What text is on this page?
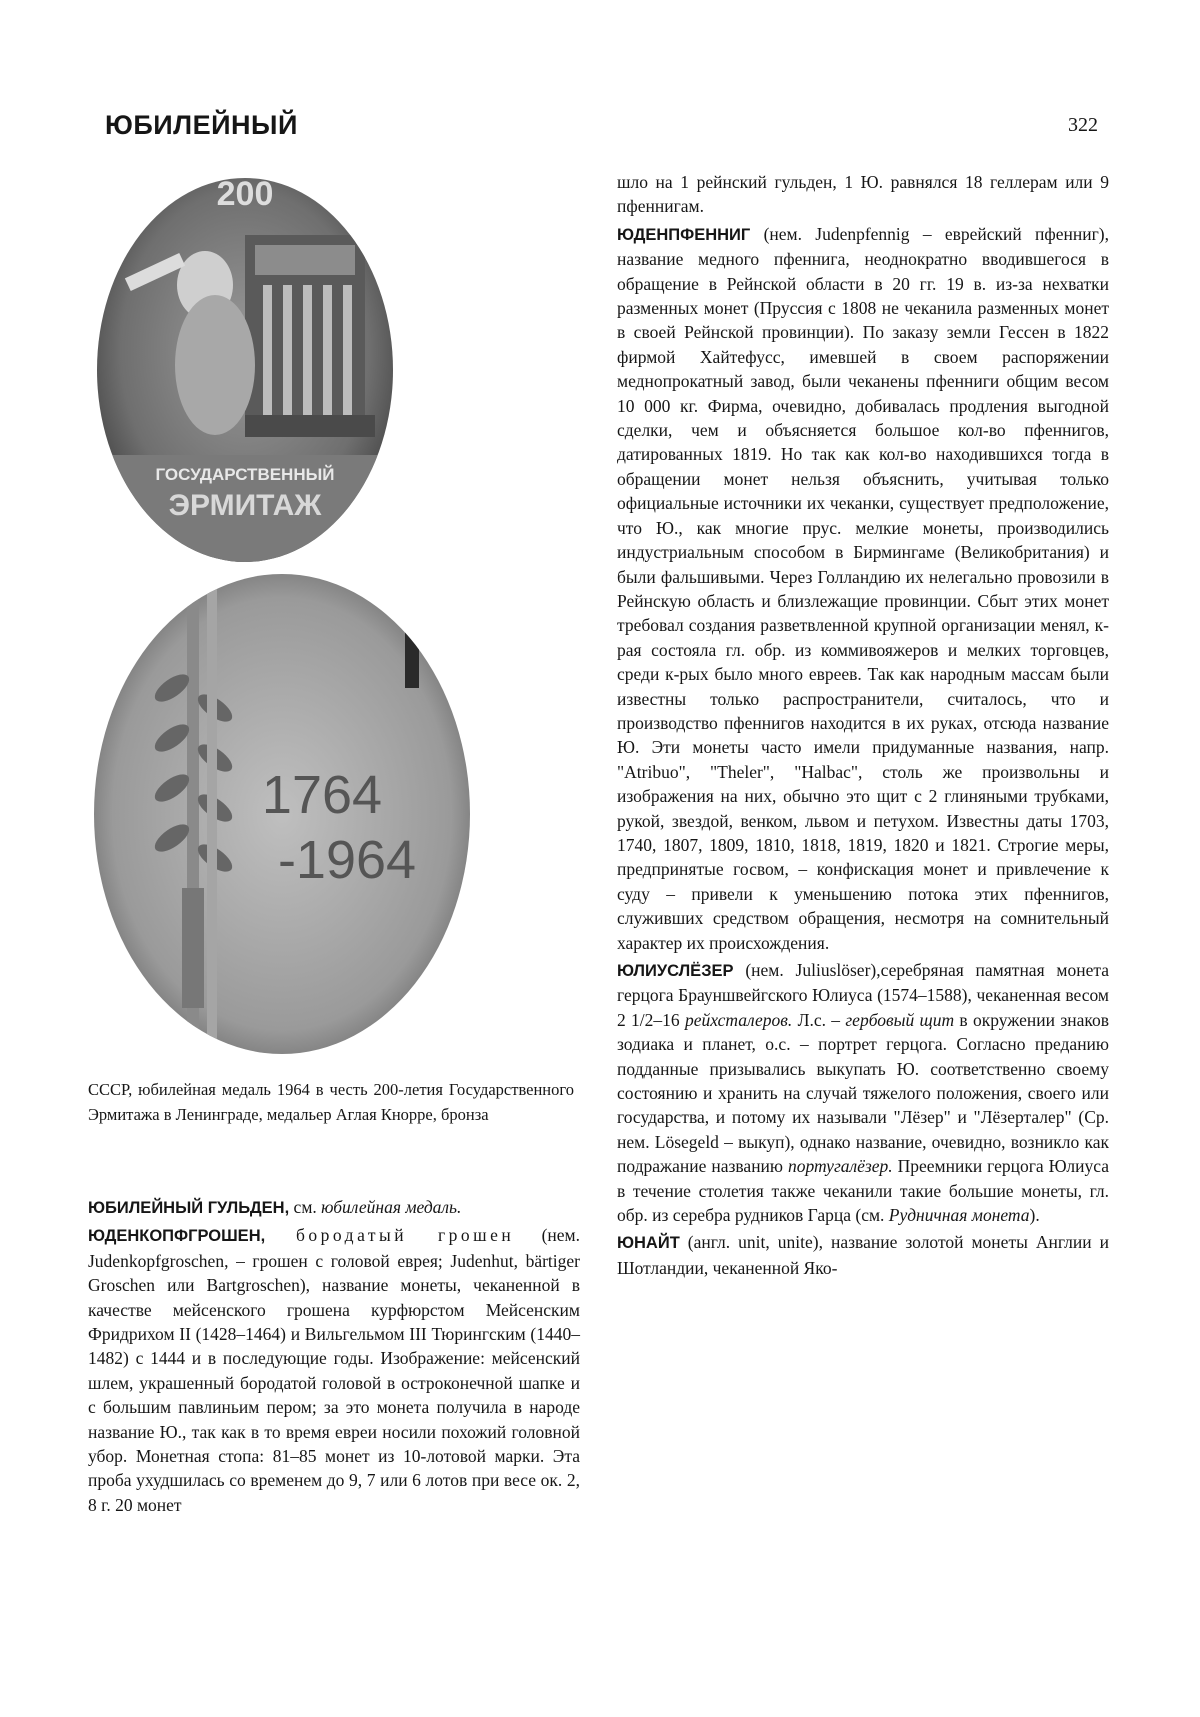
ЮБИЛЕЙНЫЙ	322
200
ГОСУДАРСТВЕННЫЙ
ЭРМИТАЖ
1764
-1964
СССР, юбилейная медаль 1964 в честь 200-летия Государственного Эрмитажа в Ленинграде, медальер Аглая Кнорре, бронза

ЮБИЛЕЙНЫЙ ГУЛЬДЕН, см. юбилейная медаль.

ЮДЕНКОПФГРОШЕН, бородатый грошен (нем. Judenkopfgroschen, – грошен с головой еврея; Judenhut, bärtiger Groschen или Bartgroschen), название монеты, чеканенной в качестве мейсенского грошена курфюрстом Мейсенским Фридрихом II (1428–1464) и Вильгельмом III Тюрингским (1440–1482) с 1444 и в последующие годы. Изображение: мейсенский шлем, украшенный бородатой головой в остроконечной шапке и с большим павлиньим пером; за это монета получила в народе название Ю., так как в то время евреи носили похожий головной убор. Монетная стопа: 81–85 монет из 10-лотовой марки. Эта проба ухудшилась со временем до 9, 7 или 6 лотов при весе ок. 2, 8 г. 20 монет

шло на 1 рейнский гульден, 1 Ю. равнялся 18 геллерам или 9 пфеннигам.

ЮДЕНПФЕННИГ (нем. Judenpfennig – еврейский пфенниг), название медного пфеннига, неоднократно вводившегося в обращение в Рейнской области в 20 гг. 19 в. из-за нехватки разменных монет (Пруссия с 1808 не чеканила разменных монет в своей Рейнской провинции). По заказу земли Гессен в 1822 фирмой Хайтефусс, имевшей в своем распоряжении меднопрокатный завод, были чеканены пфенниги общим весом 10 000 кг. Фирма, очевидно, добивалась продления выгодной сделки, чем и объясняется большое кол-во пфеннигов, датированных 1819. Но так как кол-во находившихся тогда в обращении монет нельзя объяснить, учитывая только официальные источники их чеканки, существует предположение, что Ю., как многие прус. мелкие монеты, производились индустриальным способом в Бирмингаме (Великобритания) и были фальшивыми. Через Голландию их нелегально провозили в Рейнскую область и близлежащие провинции. Сбыт этих монет требовал создания разветвленной крупной организации менял, к-рая состояла гл. обр. из коммивояжеров и мелких торговцев, среди к-рых было много евреев. Так как народным массам были известны только распространители, считалось, что и производство пфеннигов находится в их руках, отсюда название Ю. Эти монеты часто имели придуманные названия, напр. "Atribuo", "Theler", "Halbac", столь же произвольны и изображения на них, обычно это щит с 2 глиняными трубками, рукой, звездой, венком, львом и петухом. Известны даты 1703, 1740, 1807, 1809, 1810, 1818, 1819, 1820 и 1821. Строгие меры, предпринятые госвом, – конфискация монет и привлечение к суду – привели к уменьшению потока этих пфеннигов, служивших средством обращения, несмотря на сомнительный характер их происхождения.

ЮЛИУСЛЁЗЕР (нем. Juliuslöser),серебряная памятная монета герцога Брауншвейгского Юлиуса (1574–1588), чеканенная весом 2 1/2–16 рейхсталеров. Л.с. – гербовый щит в окружении знаков зодиака и планет, о.с. – портрет герцога. Согласно преданию подданные призывались выкупать Ю. соответственно своему состоянию и хранить на случай тяжелого положения, своего или государства, и потому их называли "Лёзер" и "Лёзерталер" (Ср. нем. Lösegeld – выкуп), однако название, очевидно, возникло как подражание названию португалёзер. Преемники герцога Юлиуса в течение столетия также чеканили такие большие монеты, гл. обр. из серебра рудников Гарца (см. Рудничная монета).

ЮНАЙТ (англ. unit, unite), название золотой монеты Англии и Шотландии, чеканенной Яко-
